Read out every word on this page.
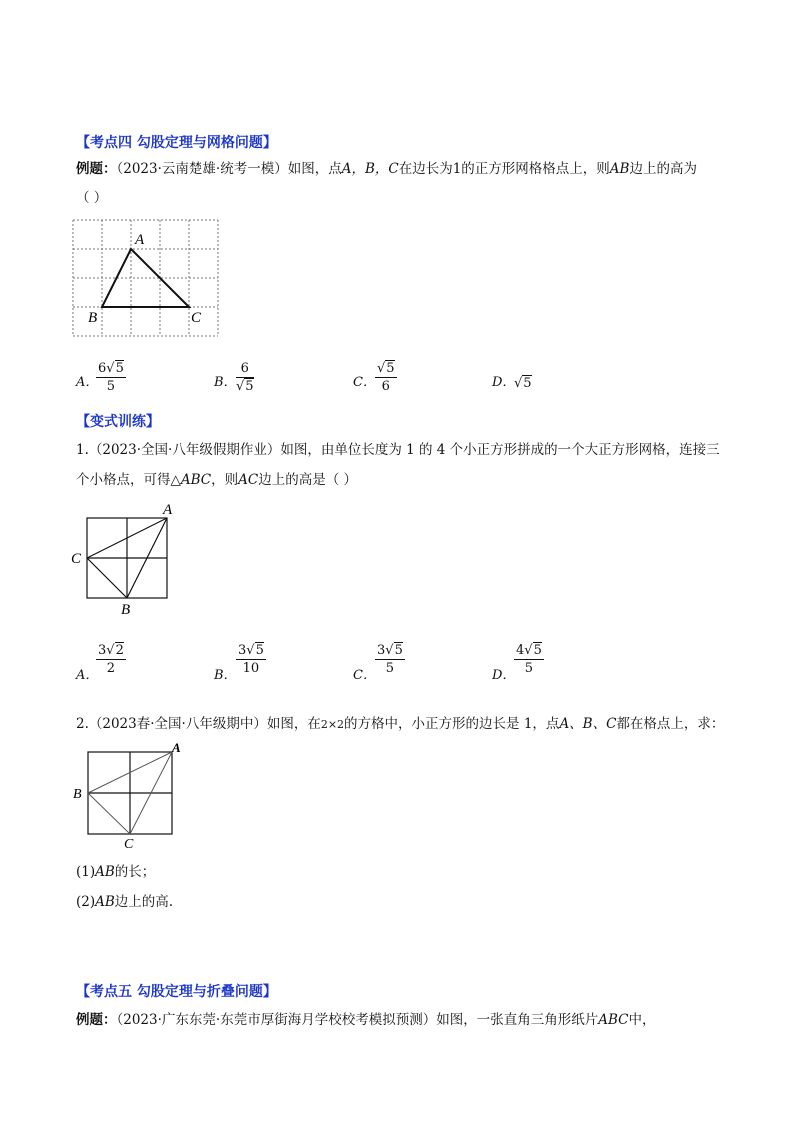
【考点四 勾股定理与网格问题】
例题：（2023·云南楚雄·统考一模）如图，点A，B，C在边长为1的正方形网格格点上，则AB边上的高为
（ ）
A
B	C
A．
$\frac{6√5}{5}$	B． $\frac{6}{√5}$	C． $\frac{√5}{6}$	D．
√5
【变式训练】
1.（2023·全国·八年级假期作业）如图，由单位长度为 1 的 4 个小正方形拼成的一个大正方形网格，连接三
个小格点，可得△ABC，则AC边上的高是（ ）
A
C
B
A．
$\frac{3√2}{2}$	B． $\frac{3√5}{10}$	C． $\frac{3√5}{5}$	D．
$\frac{4√5}{5}$
2.（2023春·全国·八年级期中）如图，在2×2的方格中，小正方形的边长是 1，点A、B、C都在格点上，求：
A
B
C
(1)AB的长；
(2)AB边上的高.
【考点五 勾股定理与折叠问题】
例题：（2023·广东东莞·东莞市厚街海月学校校考模拟预测）如图，一张直角三角形纸片ABC中，
